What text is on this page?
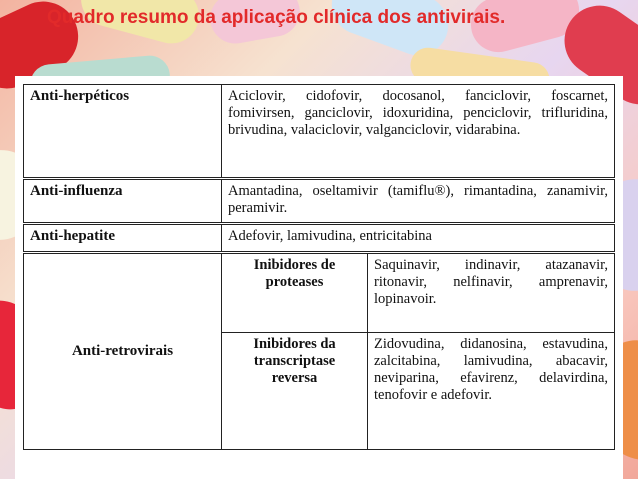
Quadro resumo da aplicação clínica dos antivirais.
Anti-herpéticos	Aciclovir, cidofovir, docosanol, fanciclovir, foscarnet, fomivirsen, ganciclovir, idoxuridina, penciclovir, trifluridina, brivudina, valaciclovir, valganciclovir, vidarabina.	
Anti-influenza	Amantadina, oseltamivir (tamiflu®), rimantadina, zanamivir, peramivir.	
Anti-hepatite	Adefovir, lamivudina, entricitabina	
Anti-retrovirais	Inibidores de proteases	Saquinavir, indinavir, atazanavir, ritonavir, nelfinavir, amprenavir, lopinavoir.
	Inibidores da transcriptase reversa	Zidovudina, didanosina, estavudina, zalcitabina, lamivudina, abacavir, neviparina, efavirenz, delavirdina, tenofovir e adefovir.
